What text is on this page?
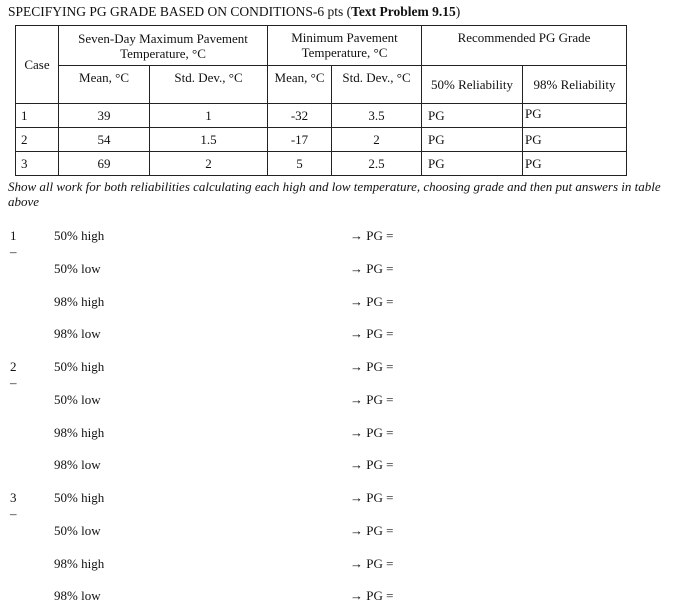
SPECIFYING PG GRADE BASED ON CONDITIONS-6 pts (Text Problem 9.15)
Case	Seven-Day Maximum Pavement Temperature, °C		Minimum Pavement Temperature, °C		Recommended PG Grade	
	Mean, °C	Std. Dev., °C	Mean, °C	Std. Dev., °C	50% Reliability	98% Reliability
1	39	1	-32	3.5	PG	PG
2	54	1.5	-17	2	PG	PG
3	69	2	5	2.5	PG	PG
Show all work for both reliabilities calculating each high and low temperature, choosing grade and then put answers in table above
1 –
50% high	→ PG =
50% low	→ PG =
98% high	→ PG =
98% low	→ PG =
2 –
50% high	→ PG =
50% low	→ PG =
98% high	→ PG =
98% low	→ PG =
3 –
50% high	→ PG =
50% low	→ PG =
98% high	→ PG =
98% low	→ PG =
